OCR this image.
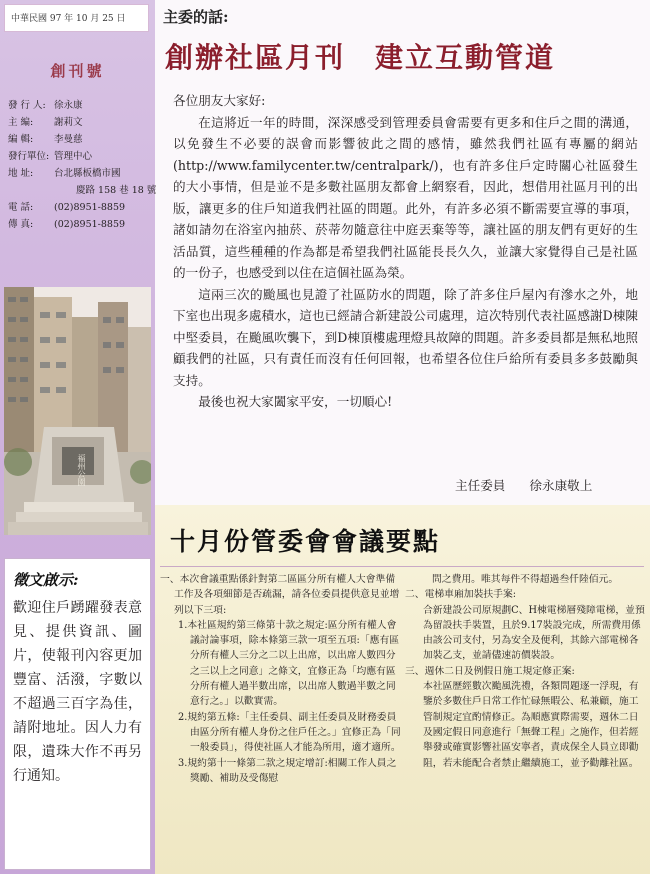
中華民國 97 年 10 月 25 日
創刊號
發 行 人: 徐永康
主 編:	謝莉文
編 輯:	李曼慈
發行單位: 管理中心
地 址:	台北縣板橋市國
慶路 158 巷 18 號
電 話:	(02)8951-8859
傳 真:	(02)8951-8859
福州公園
徵文啟示:

歡迎住戶踴躍發表意見、提供資訊、圖片，使報刊內容更加豐富、活潑，字數以不超過三百字為佳，請附地址。因人力有限，遺珠大作不再另行通知。

主委的話:
創辦社區月刊 建立互動管道

各位朋友大家好:

在這將近一年的時間，深深感受到管理委員會需要有更多和住戶之間的溝通，以免發生不必要的誤會而影響彼此之間的感情，雖然我們社區有專屬的網站(http://www.familycenter.tw/centralpark/)，也有許多住戶定時關心社區發生的大小事情，但是並不是多數社區朋友都會上網察看，因此，想借用社區月刊的出版，讓更多的住戶知道我們社區的問題。此外，有許多必須不斷需要宣導的事項，諸如請勿在浴室內抽菸、菸蒂勿隨意往中庭丟棄等等，讓社區的朋友們有更好的生活品質，這些種種的作為都是希望我們社區能長長久久，並讓大家覺得自己是社區的一份子，也感受到以住在這個社區為榮。

這兩三次的颱風也見證了社區防水的問題，除了許多住戶屋內有滲水之外，地下室也出現多處積水，這也已經請合新建設公司處理，這次特別代表社區感謝D棟陳中堅委員，在颱風吹襲下，到D棟頂樓處理燈具故障的問題。許多委員都是無私地照顧我們的社區，只有責任而沒有任何回報，也希望各位住戶給所有委員多多鼓勵與支持。

最後也祝大家闔家平安，一切順心!

主任委員 徐永康敬上
十月份管委會會議要點

一、本次會議重點係針對第二區區分所有權人大會準備工作及各項細節是否疏漏，請各位委員提供意見並增列以下三項:

1.本社區規約第三條第十款之規定:區分所有權人會議討論事項，除本條第三款一項至五項:「應有區分所有權人三分之二以上出席，以出席人數四分之三以上之同意」之條文，宜修正為「均應有區分所有權人過半數出席，以出席人數過半數之同意行之。」以歡實需。

2.規約第五條:「主任委員、副主任委員及財務委員由區分所有權人身份之住戶任之。」宜修正為「同一般委員」，得使社區人才能為所用，適才適所。

3.規約第十一條第二款之規定增訂:相關工作人員之獎勵、補助及受傷慰

問之費用。唯其每件不得超過叁仟陸佰元。

二、電梯車廂加裝扶手案:

合新建設公司原規劃C、H棟電梯層殘障電梯，並預為留設扶手裝置，且於9.17裝設完成，所需費用係由該公司支付，另為安全及便利，其餘六部電梯各加裝乙支，並請儘速訪價裝設。

三、週休二日及例假日施工規定修正案:

本社區歷經數次颱風洗禮，各類問題逐一浮現，有鑒於多數住戶日常工作忙碌無暇公、私兼顧，施工管制規定宜酌情修正。為順應實際需要，週休二日及國定假日同意進行「無聲工程」之施作，但若經舉發或確實影響社區安寧者，責成保全人員立即勸阻，若未能配合者禁止繼續施工，並予勸離社區。
